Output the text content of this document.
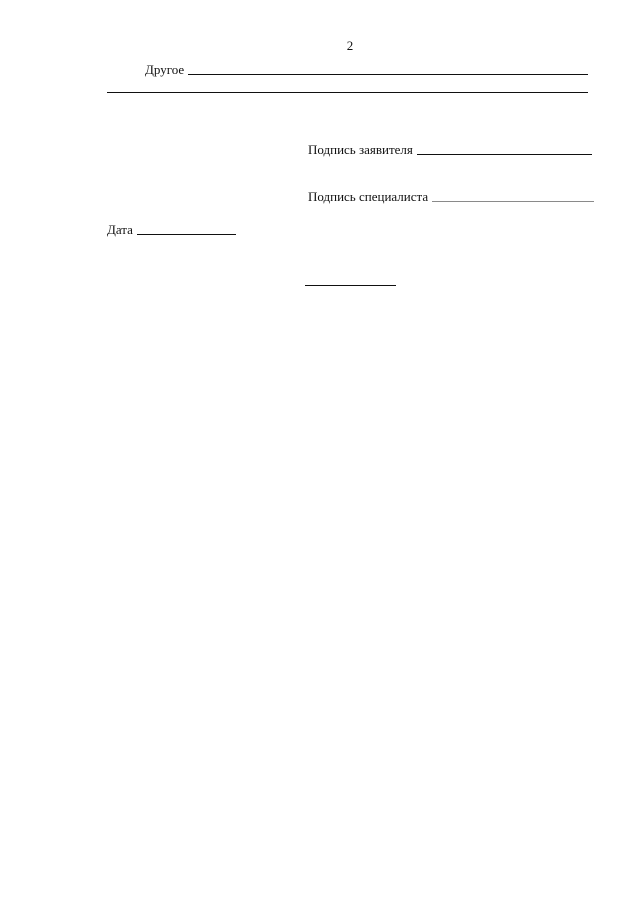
2
Другое
Подпись заявителя
Подпись специалиста
Дата
